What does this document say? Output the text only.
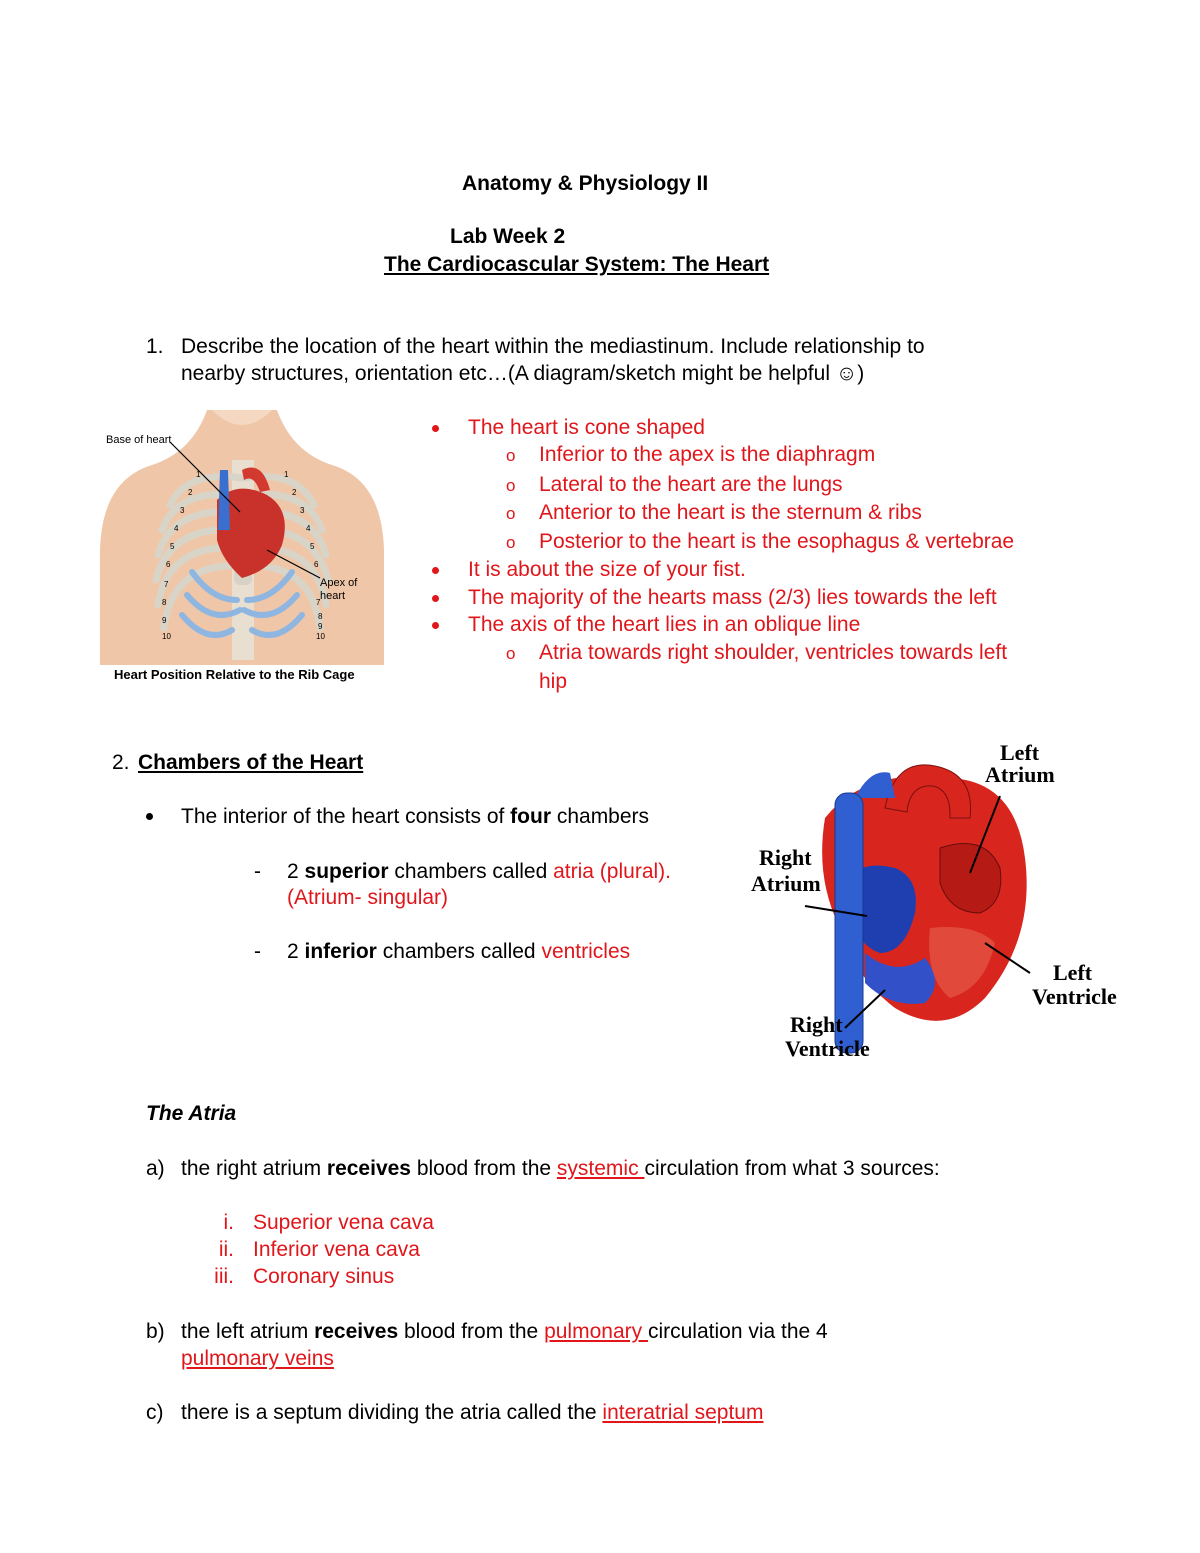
Anatomy & Physiology II
Lab Week 2
The Cardiocascular System: The Heart
1. Describe the location of the heart within the mediastinum. Include relationship to
nearby structures, orientation etc…(A diagram/sketch might be helpful ☺)
Base of heart
Apex of
heart
Heart Position Relative to the Rib Cage
1
2
3
4
5
6
7
8
9
10
1
2
3
4
5
6
7
8
9
10
The heart is cone shaped
o Inferior to the apex is the diaphragm
o Lateral to the heart are the lungs
o Anterior to the heart is the sternum & ribs
o Posterior to the heart is the esophagus & vertebrae
It is about the size of your fist.
The majority of the hearts mass (2/3) lies towards the left
The axis of the heart lies in an oblique line
o Atria towards right shoulder, ventricles towards left
hip
2. Chambers of the Heart
The interior of the heart consists of four chambers
- 2 superior chambers called atria (plural).
(Atrium- singular)
- 2 inferior chambers called ventricles
Left
Atrium
Right
Atrium
Left
Ventricle
Right
Ventricle
The Atria
a) the right atrium receives blood from the systemic circulation from what 3 sources:
i. Superior vena cava
ii. Inferior vena cava
iii. Coronary sinus
b) the left atrium receives blood from the pulmonary circulation via the 4
pulmonary veins
c) there is a septum dividing the atria called the interatrial septum
